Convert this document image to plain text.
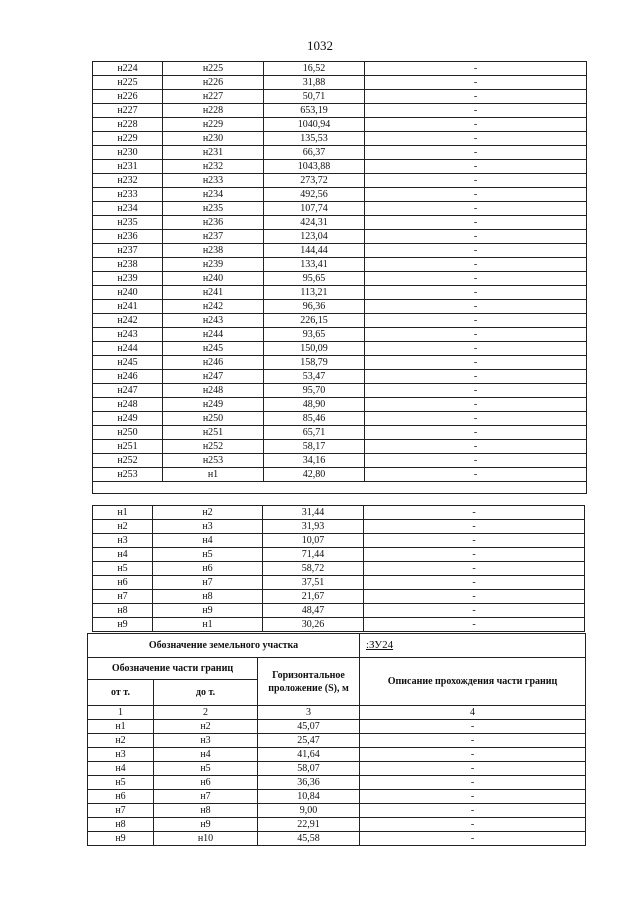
1032
н224	н225	16,52	-
н225	н226	31,88	-
н226	н227	50,71	-
н227	н228	653,19	-
н228	н229	1040,94	-
н229	н230	135,53	-
н230	н231	66,37	-
н231	н232	1043,88	-
н232	н233	273,72	-
н233	н234	492,56	-
н234	н235	107,74	-
н235	н236	424,31	-
н236	н237	123,04	-
н237	н238	144,44	-
н238	н239	133,41	-
н239	н240	95,65	-
н240	н241	113,21	-
н241	н242	96,36	-
н242	н243	226,15	-
н243	н244	93,65	-
н244	н245	150,09	-
н245	н246	158,79	-
н246	н247	53,47	-
н247	н248	95,70	-
н248	н249	48,90	-
н249	н250	85,46	-
н250	н251	65,71	-
н251	н252	58,17	-
н252	н253	34,16	-
н253	н1	42,80	-

н1	н2	31,44	-
н2	н3	31,93	-
н3	н4	10,07	-
н4	н5	71,44	-
н5	н6	58,72	-
н6	н7	37,51	-
н7	н8	21,67	-
н8	н9	48,47	-
н9	н1	30,26	-
Обозначение земельного участка			:ЗУ24
Обозначение части границ		Горизонтальное проложение (S), м	Описание прохождения части границ
от т.	до т.		
1	2	3	4
н1	н2	45,07	-
н2	н3	25,47	-
н3	н4	41,64	-
н4	н5	58,07	-
н5	н6	36,36	-
н6	н7	10,84	-
н7	н8	9,00	-
н8	н9	22,91	-
н9	н10	45,58	-
